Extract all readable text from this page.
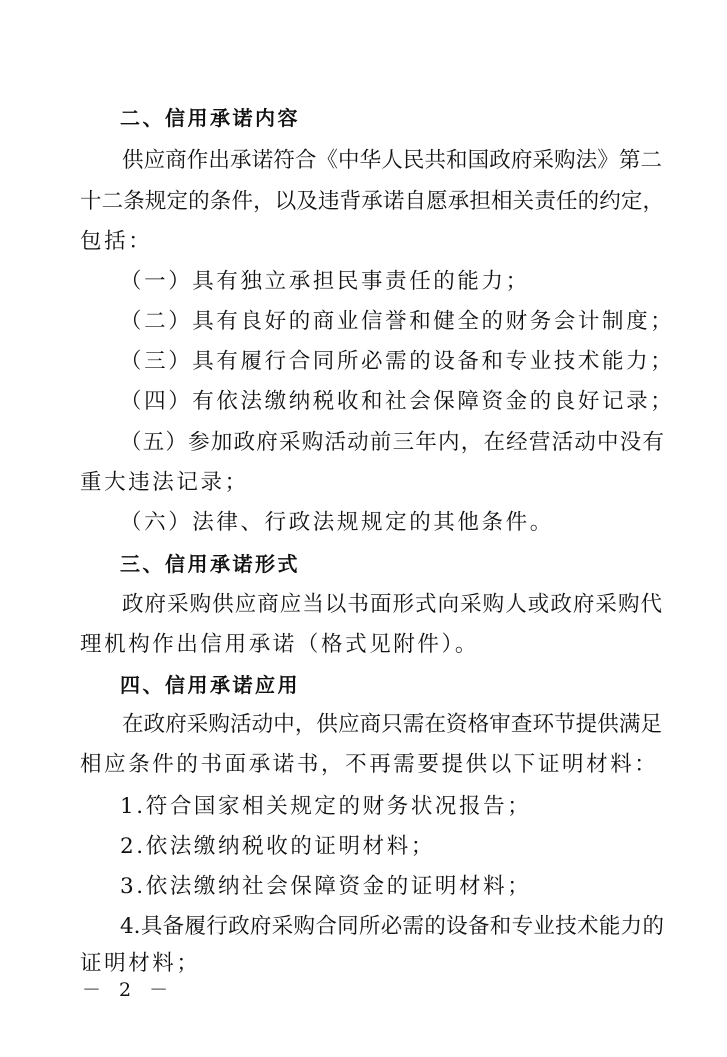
二、信用承诺内容
供应商作出承诺符合《中华人民共和国政府采购法》第二
十二条规定的条件，以及违背承诺自愿承担相关责任的约定，
包括：
（一）具有独立承担民事责任的能力；
（二）具有良好的商业信誉和健全的财务会计制度；
（三）具有履行合同所必需的设备和专业技术能力；
（四）有依法缴纳税收和社会保障资金的良好记录；
（五）参加政府采购活动前三年内，在经营活动中没有
重大违法记录；
（六）法律、行政法规规定的其他条件。
三、信用承诺形式
政府采购供应商应当以书面形式向采购人或政府采购代
理机构作出信用承诺（格式见附件）。
四、信用承诺应用
在政府采购活动中，供应商只需在资格审查环节提供满足
相应条件的书面承诺书，不再需要提供以下证明材料：
1.符合国家相关规定的财务状况报告；
2.依法缴纳税收的证明材料；
3.依法缴纳社会保障资金的证明材料；
4.具备履行政府采购合同所必需的设备和专业技术能力的
证明材料；
－ 2 －
